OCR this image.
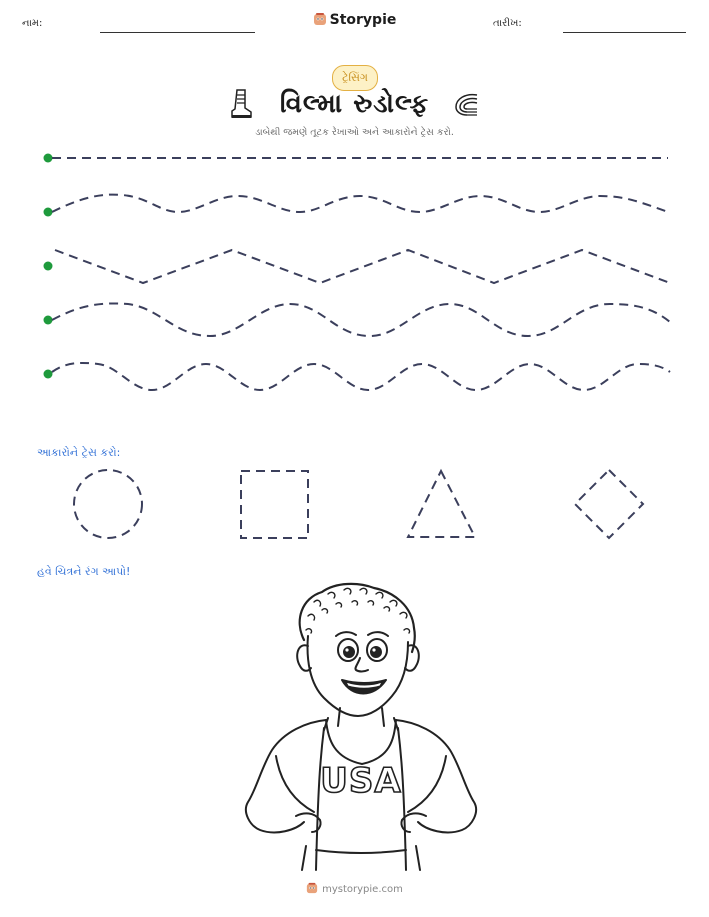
નામ:	Storypie	તારીખ:
ટ્રેસિંગ
વિલ્મા રુડોલ્ફ
ડાબેથી જમણે તૂટક રેખાઓ અને આકારોને ટ્રેસ કરો.
આકારોને ટ્રેસ કરો:
હવે ચિત્રને રંગ આપો!
USA
mystorypie.com
